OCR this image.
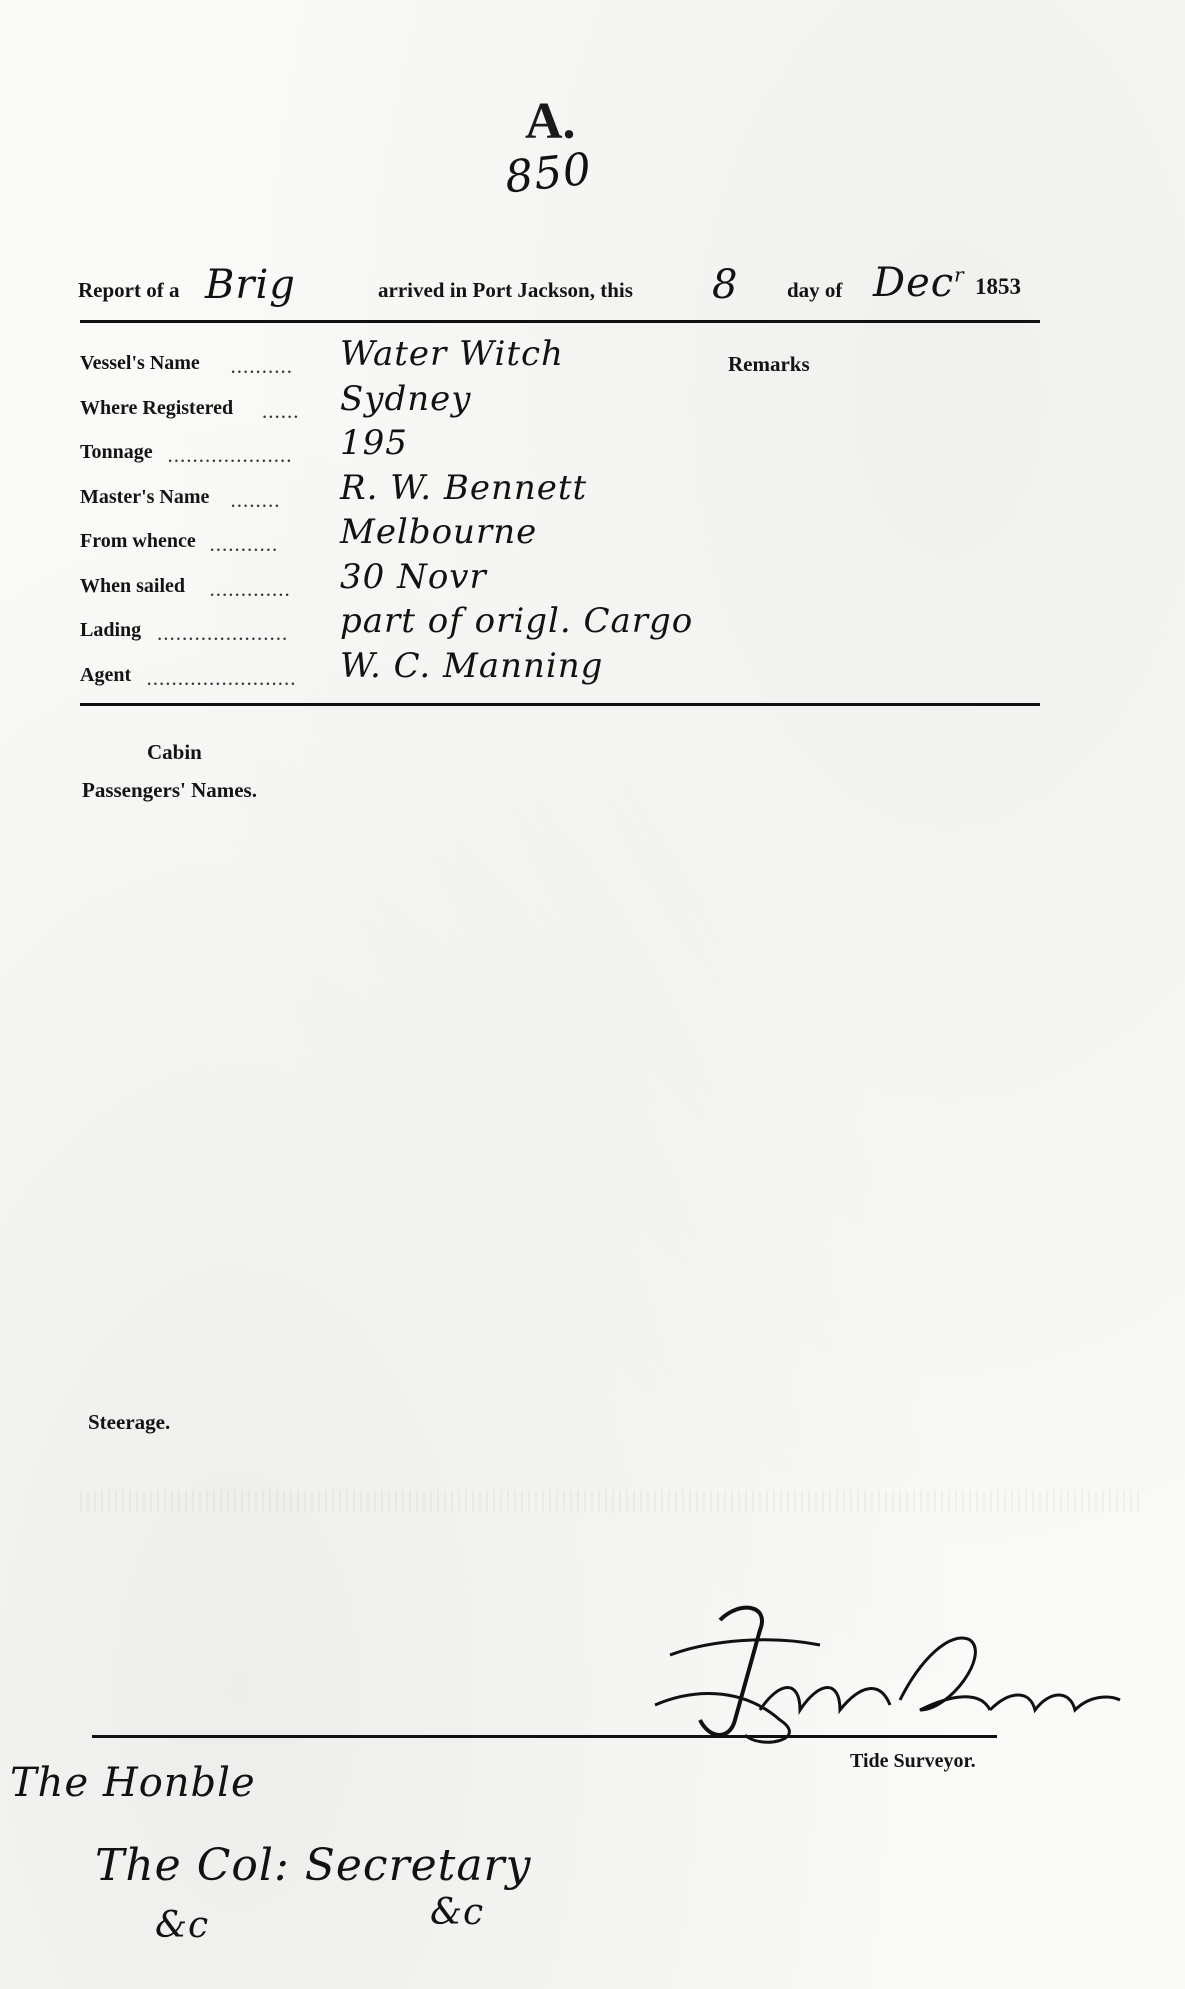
A.
850
Report of a Brig	arrived in Port Jackson, this 8 day of Dec$^r$ 1853
Vessel's Name .......... Water Witch
Where Registered ...... Sydney
Tonnage .................... 195
Master's Name ........ R. W. Bennett
From whence ........... Melbourne
When sailed ............. 30 Novr
Lading ..................... part of origl. Cargo
Agent ........................ W. C. Manning
Remarks
Cabin
Passengers' Names.
Steerage.
Tide Surveyor.
The Honble
The Col: Secretary
&c	&c
